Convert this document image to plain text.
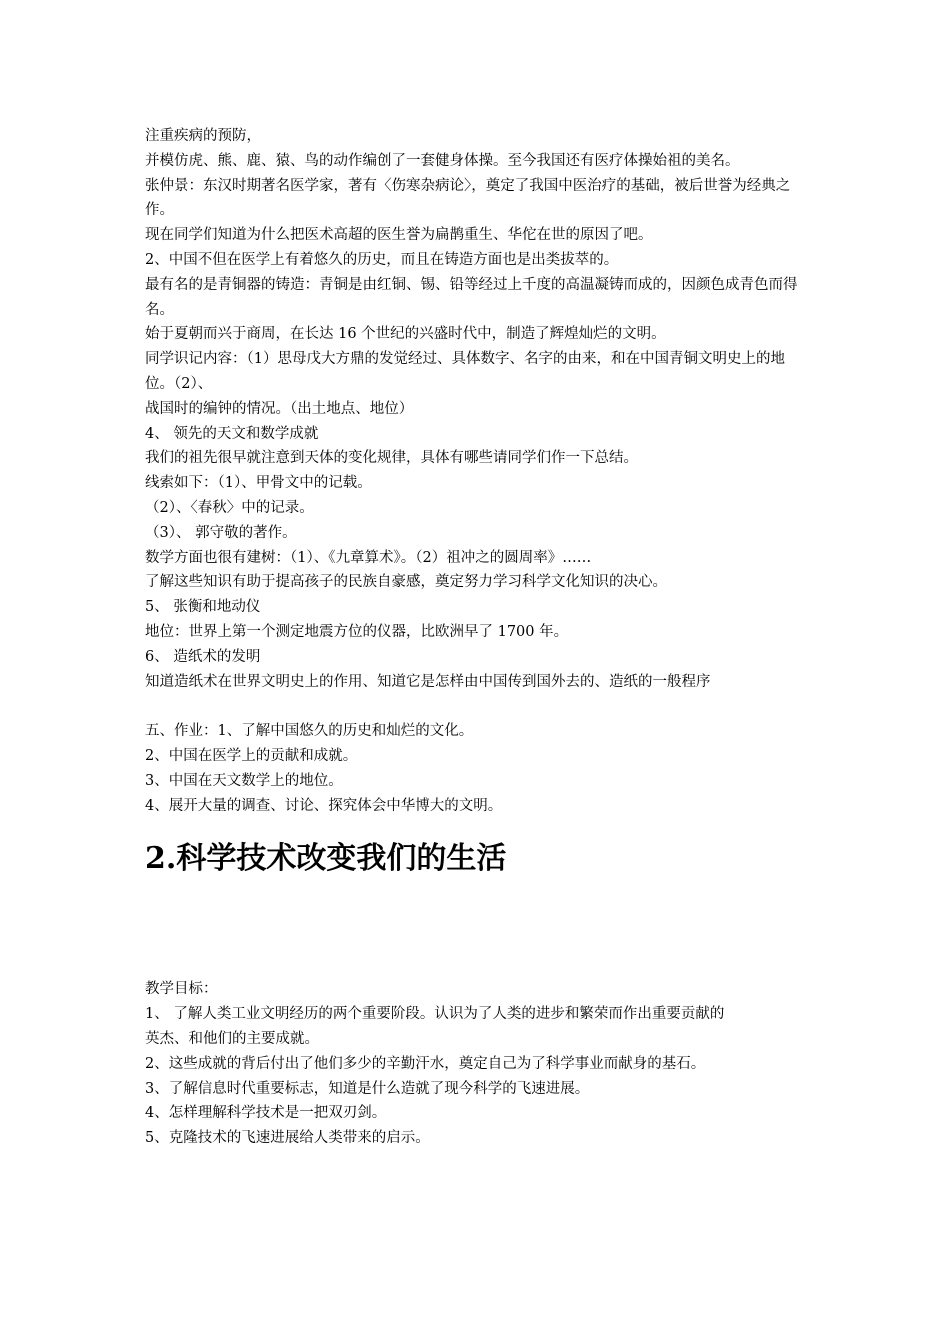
注重疾病的预防，

并模仿虎、熊、鹿、猿、鸟的动作编创了一套健身体操。至今我国还有医疗体操始祖的美名。

张仲景：东汉时期著名医学家，著有〈伤寒杂病论〉，奠定了我国中医治疗的基础，被后世誉为经典之作。

现在同学们知道为什么把医术高超的医生誉为扁鹊重生、华佗在世的原因了吧。

2、中国不但在医学上有着悠久的历史，而且在铸造方面也是出类拔萃的。

最有名的是青铜器的铸造：青铜是由红铜、锡、铅等经过上千度的高温凝铸而成的，因颜色成青色而得名。

始于夏朝而兴于商周，在长达 16 个世纪的兴盛时代中，制造了辉煌灿烂的文明。

同学识记内容：（1）思母戊大方鼎的发觉经过、具体数字、名字的由来，和在中国青铜文明史上的地位。（2）、

战国时的编钟的情况。（出土地点、地位）

4、 领先的天文和数学成就

我们的祖先很早就注意到天体的变化规律，具体有哪些请同学们作一下总结。

线索如下：（1）、甲骨文中的记载。

（2）、〈春秋〉中的记录。

（3）、 郭守敬的著作。

数学方面也很有建树：（1）、《九章算术》。（2）祖冲之的圆周率》……

了解这些知识有助于提高孩子的民族自豪感，奠定努力学习科学文化知识的决心。

5、 张衡和地动仪

地位：世界上第一个测定地震方位的仪器，比欧洲早了 1700 年。

6、 造纸术的发明

知道造纸术在世界文明史上的作用、知道它是怎样由中国传到国外去的、造纸的一般程序

五、作业：1、了解中国悠久的历史和灿烂的文化。

2、中国在医学上的贡献和成就。

3、中国在天文数学上的地位。

4、展开大量的调查、讨论、探究体会中华博大的文明。

2.科学技术改变我们的生活

教学目标：

1、 了解人类工业文明经历的两个重要阶段。认识为了人类的进步和繁荣而作出重要贡献的

英杰、和他们的主要成就。

2、这些成就的背后付出了他们多少的辛勤汗水，奠定自己为了科学事业而献身的基石。

3、了解信息时代重要标志，知道是什么造就了现今科学的飞速进展。

4、怎样理解科学技术是一把双刃剑。

5、克隆技术的飞速进展给人类带来的启示。
